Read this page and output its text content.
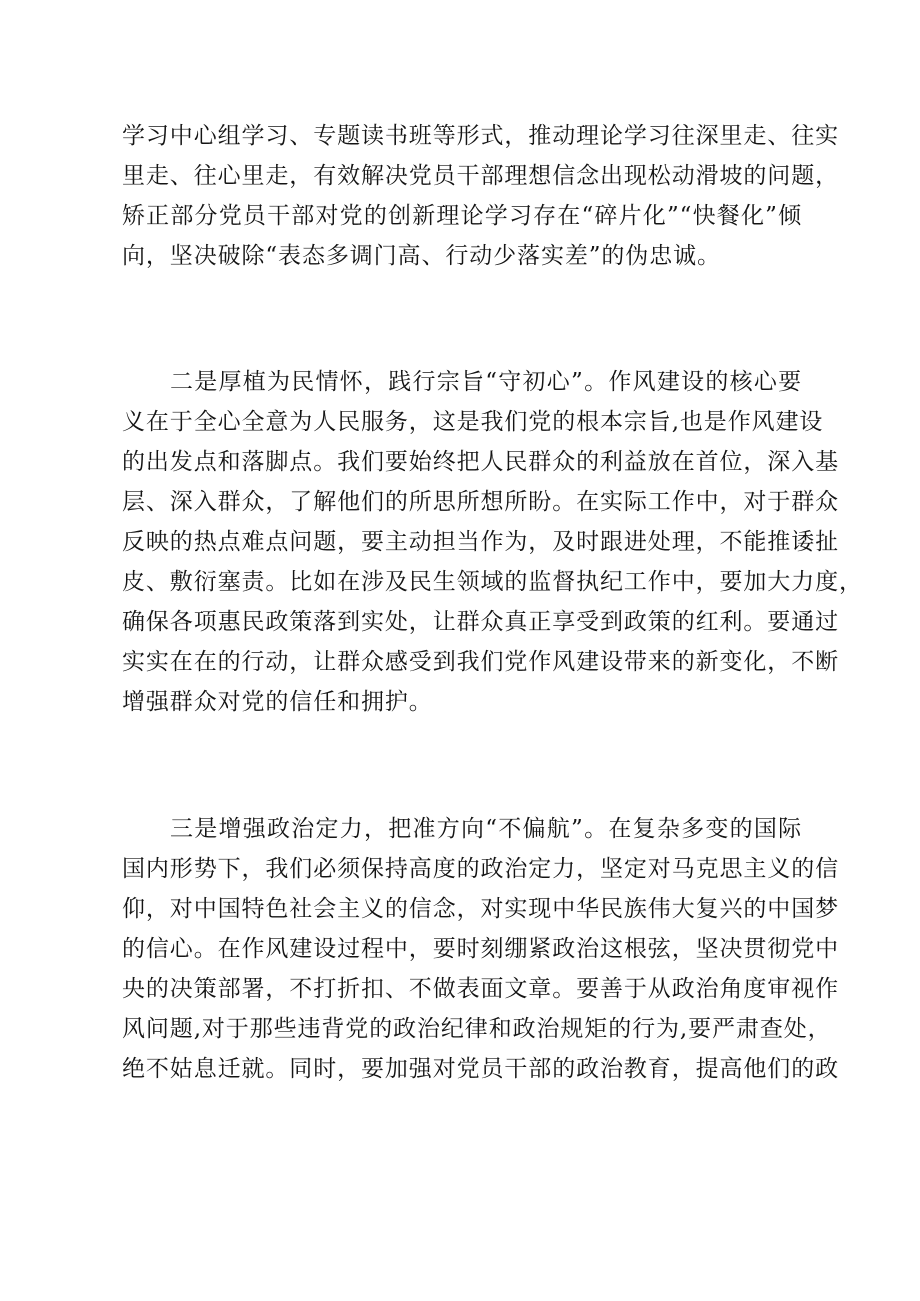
学习中心组学习、专题读书班等形式，推动理论学习往深里走、往实
里走、往心里走，有效解决党员干部理想信念出现松动滑坡的问题，
矫正部分党员干部对党的创新理论学习存在“碎片化”“快餐化”倾
向，坚决破除“表态多调门高、行动少落实差”的伪忠诚。
二是厚植为民情怀，践行宗旨“守初心”。作风建设的核心要
义在于全心全意为人民服务，这是我们党的根本宗旨,也是作风建设
的出发点和落脚点。我们要始终把人民群众的利益放在首位，深入基
层、深入群众，了解他们的所思所想所盼。在实际工作中，对于群众
反映的热点难点问题，要主动担当作为，及时跟进处理，不能推诿扯
皮、敷衍塞责。比如在涉及民生领域的监督执纪工作中，要加大力度，
确保各项惠民政策落到实处，让群众真正享受到政策的红利。要通过
实实在在的行动，让群众感受到我们党作风建设带来的新变化，不断
增强群众对党的信任和拥护。
三是增强政治定力，把准方向“不偏航”。在复杂多变的国际
国内形势下，我们必须保持高度的政治定力，坚定对马克思主义的信
仰，对中国特色社会主义的信念，对实现中华民族伟大复兴的中国梦
的信心。在作风建设过程中，要时刻绷紧政治这根弦，坚决贯彻党中
央的决策部署，不打折扣、不做表面文章。要善于从政治角度审视作
风问题,对于那些违背党的政治纪律和政治规矩的行为,要严肃查处，
绝不姑息迁就。同时，要加强对党员干部的政治教育，提高他们的政
